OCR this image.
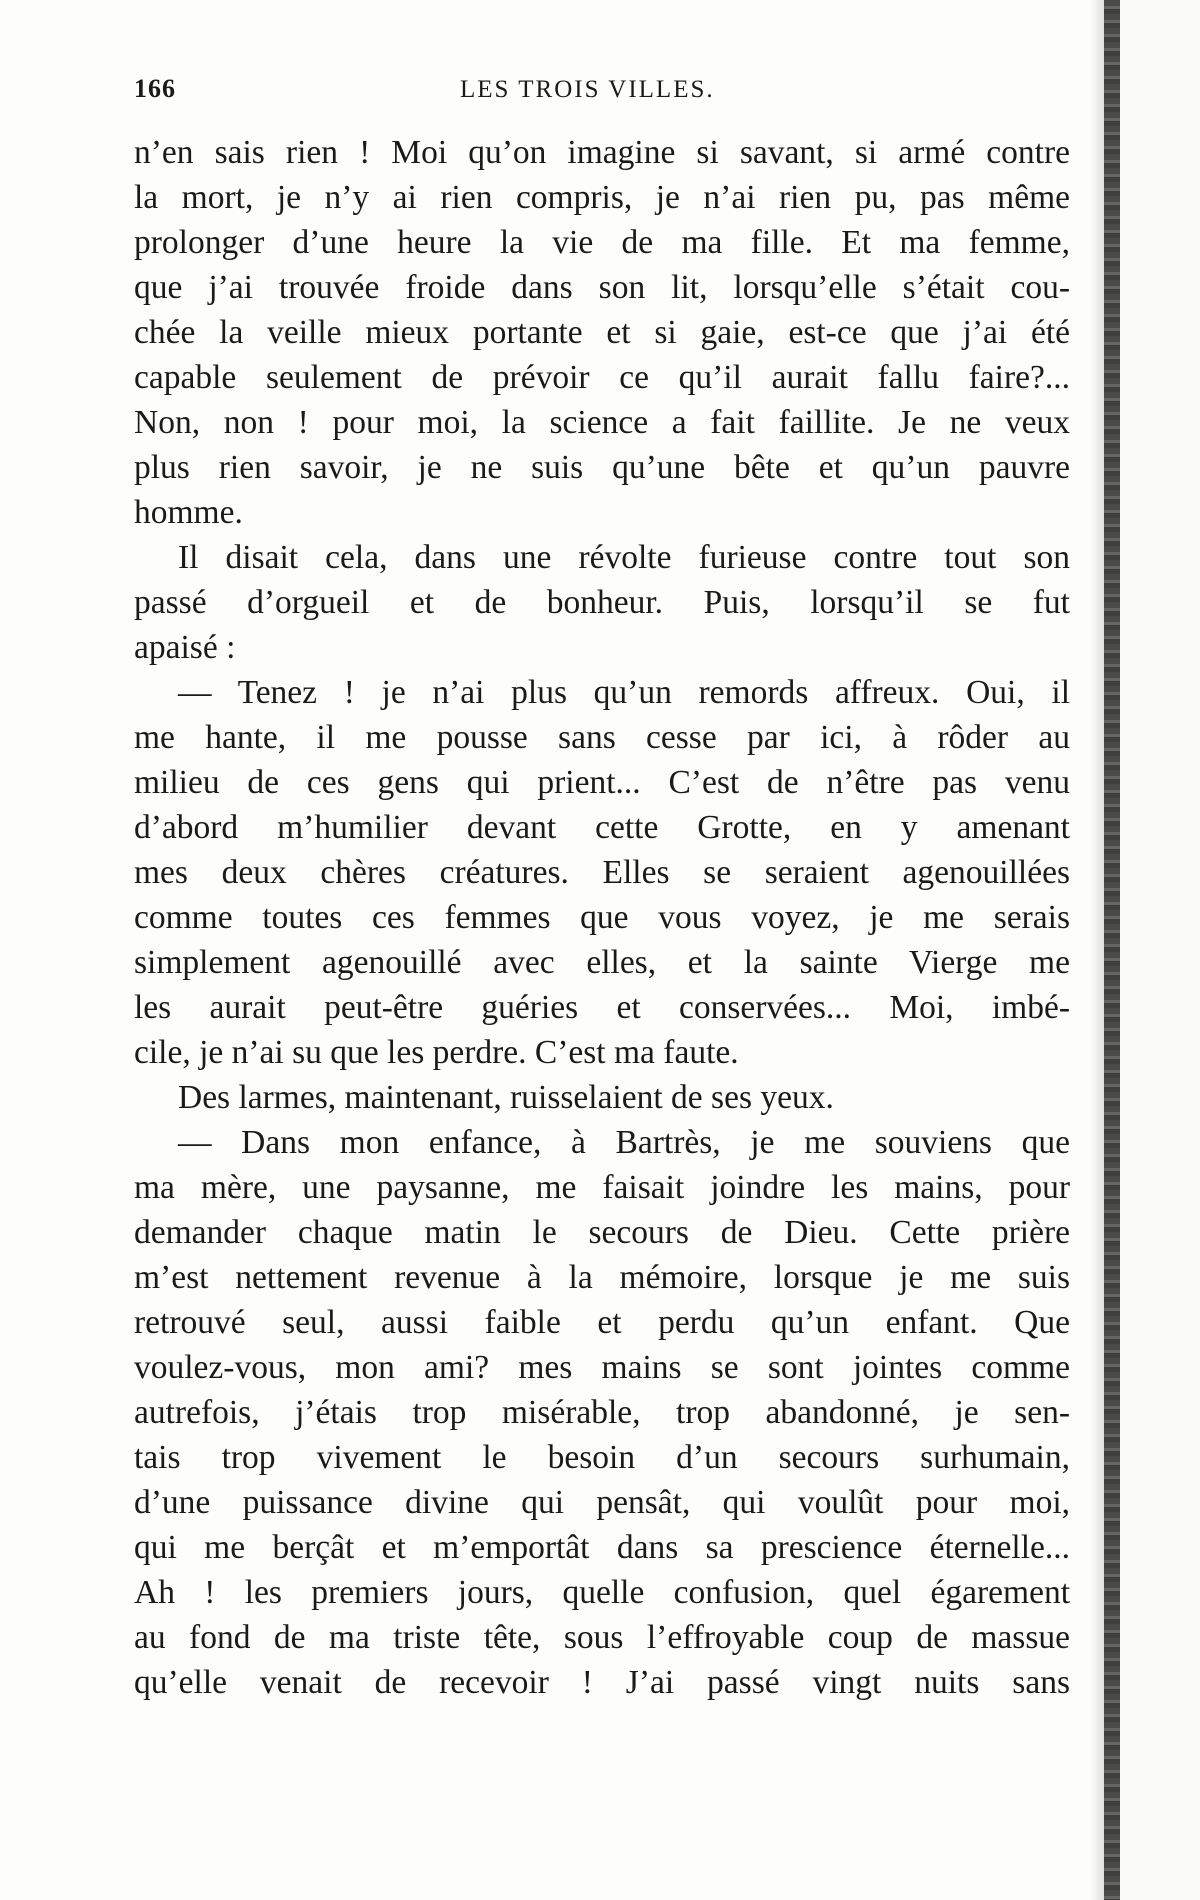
166	LES TROIS VILLES.
n’en sais rien ! Moi qu’on imagine si savant, si armé contre
la mort, je n’y ai rien compris, je n’ai rien pu, pas même
prolonger d’une heure la vie de ma fille. Et ma femme,
que j’ai trouvée froide dans son lit, lorsqu’elle s’était cou-
chée la veille mieux portante et si gaie, est-ce que j’ai été
capable seulement de prévoir ce qu’il aurait fallu faire?...
Non, non ! pour moi, la science a fait faillite. Je ne veux
plus rien savoir, je ne suis qu’une bête et qu’un pauvre
homme.
Il disait cela, dans une révolte furieuse contre tout son
passé d’orgueil et de bonheur. Puis, lorsqu’il se fut
apaisé :
— Tenez ! je n’ai plus qu’un remords affreux. Oui, il
me hante, il me pousse sans cesse par ici, à rôder au
milieu de ces gens qui prient... C’est de n’être pas venu
d’abord m’humilier devant cette Grotte, en y amenant
mes deux chères créatures. Elles se seraient agenouillées
comme toutes ces femmes que vous voyez, je me serais
simplement agenouillé avec elles, et la sainte Vierge me
les aurait peut-être guéries et conservées... Moi, imbé-
cile, je n’ai su que les perdre. C’est ma faute.
Des larmes, maintenant, ruisselaient de ses yeux.
— Dans mon enfance, à Bartrès, je me souviens que
ma mère, une paysanne, me faisait joindre les mains, pour
demander chaque matin le secours de Dieu. Cette prière
m’est nettement revenue à la mémoire, lorsque je me suis
retrouvé seul, aussi faible et perdu qu’un enfant. Que
voulez-vous, mon ami? mes mains se sont jointes comme
autrefois, j’étais trop misérable, trop abandonné, je sen-
tais trop vivement le besoin d’un secours surhumain,
d’une puissance divine qui pensât, qui voulût pour moi,
qui me berçât et m’emportât dans sa prescience éternelle...
Ah ! les premiers jours, quelle confusion, quel égarement
au fond de ma triste tête, sous l’effroyable coup de massue
qu’elle venait de recevoir ! J’ai passé vingt nuits sans
